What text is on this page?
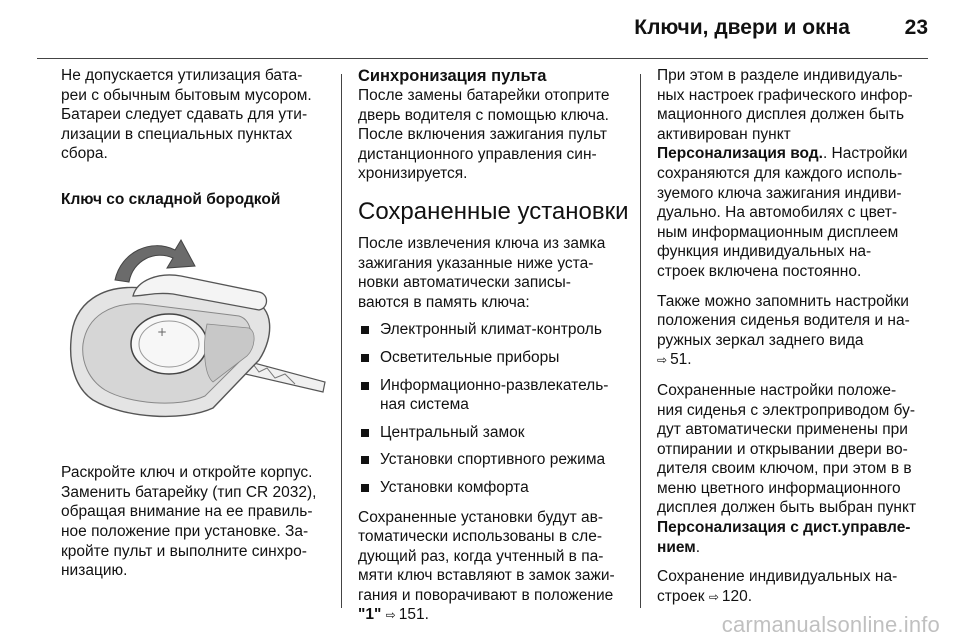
Ключи, двери и окна	23

Не допускается утилизация бата-
реи с обычным бытовым мусором.
Батареи следует сдавать для ути-
лизации в специальных пунктах
сбора.

Ключ со складной бородкой
+

Раскройте ключ и откройте корпус.
Заменить батарейку (тип CR 2032),
обращая внимание на ее правиль-
ное положение при установке. За-
кройте пульт и выполните синхро-
низацию.

Синхронизация пульта

После замены батарейки отоприте
дверь водителя с помощью ключа.
После включения зажигания пульт
дистанционного управления син-
хронизируется.

Сохраненные установки

После извлечения ключа из замка
зажигания указанные ниже уста-
новки автоматически записы-
ваются в память ключа:

Электронный климат-контроль
Осветительные приборы
Информационно-развлекатель-
ная система
Центральный замок
Установки спортивного режима
Установки комфорта

Сохраненные установки будут ав-
томатически использованы в сле-
дующий раз, когда учтенный в па-
мяти ключ вставляют в замок зажи-
гания и поворачивают в положение
"1" ⇨ 151.

При этом в разделе индивидуаль-
ных настроек графического инфор-
мационного дисплея должен быть
активирован пункт
Персонализация вод.. Настройки
сохраняются для каждого исполь-
зуемого ключа зажигания индиви-
дуально. На автомобилях с цвет-
ным информационным дисплеем
функция индивидуальных на-
строек включена постоянно.

Также можно запомнить настройки
положения сиденья водителя и на-
ружных зеркал заднего вида
⇨ 51.

Сохраненные настройки положе-
ния сиденья с электроприводом бу-
дут автоматически применены при
отпирании и открывании двери во-
дителя своим ключом, при этом в в
меню цветного информационного
дисплея должен быть выбран пункт
Персонализация с дист.управле-
нием.

Сохранение индивидуальных на-
строек ⇨ 120.

carmanualsonline.info
